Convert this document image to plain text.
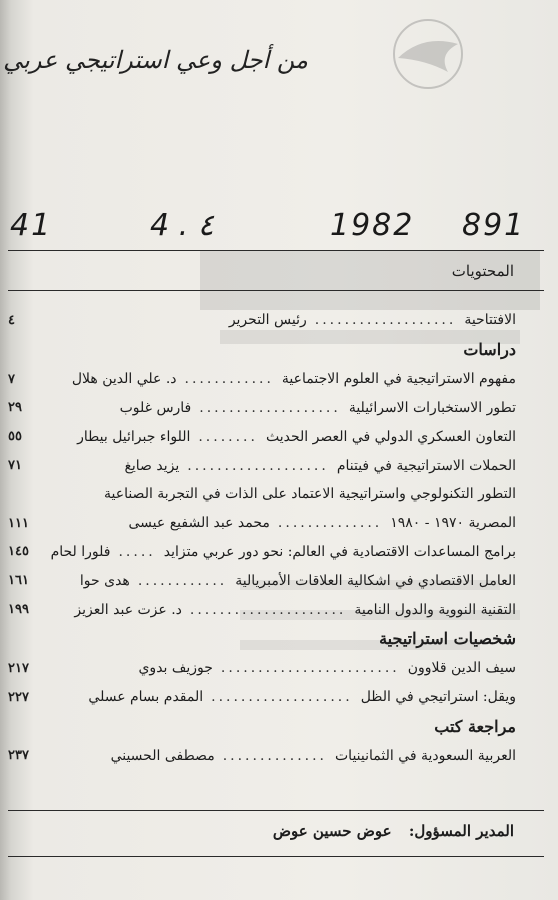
من أجل وعي استراتيجي عربي
41	4 . ٤	1982 891
المحتويات
الافتتاحية
...................
رئيس التحرير
٤
دراسات
مفهوم الاستراتيجية في العلوم الاجتماعية
............
د. علي الدين هلال
٧
تطور الاستخبارات الاسرائيلية
...................
فارس غلوب
٢٩
التعاون العسكري الدولي في العصر الحديث
........
اللواء جبرائيل بيطار
٥٥
الحملات الاستراتيجية في فيتنام
...................
يزيد صايغ
٧١
التطور التكنولوجي واستراتيجية الاعتماد على الذات في التجربة الصناعية
المصرية ١٩٧٠ - ١٩٨٠
..............
محمد عبد الشفيع عيسى
١١١
برامج المساعدات الاقتصادية في العالم: نحو دور عربي متزايد
.....
فلورا لحام
١٤٥
العامل الاقتصادي في اشكالية العلاقات الأمبريالية
............
هدى حوا
١٦١
التقنية النووية والدول النامية
.....................
د. عزت عبد العزيز
١٩٩
شخصيات استراتيجية
سيف الدين قلاوون
........................
جوزيف بدوي
٢١٧
ويقل: استراتيجي في الظل
...................
المقدم بسام عسلي
٢٢٧
مراجعة كتب
العربية السعودية في الثمانينيات
..............
مصطفى الحسيني
٢٣٧
المدير المسؤول: عوض حسين عوض
